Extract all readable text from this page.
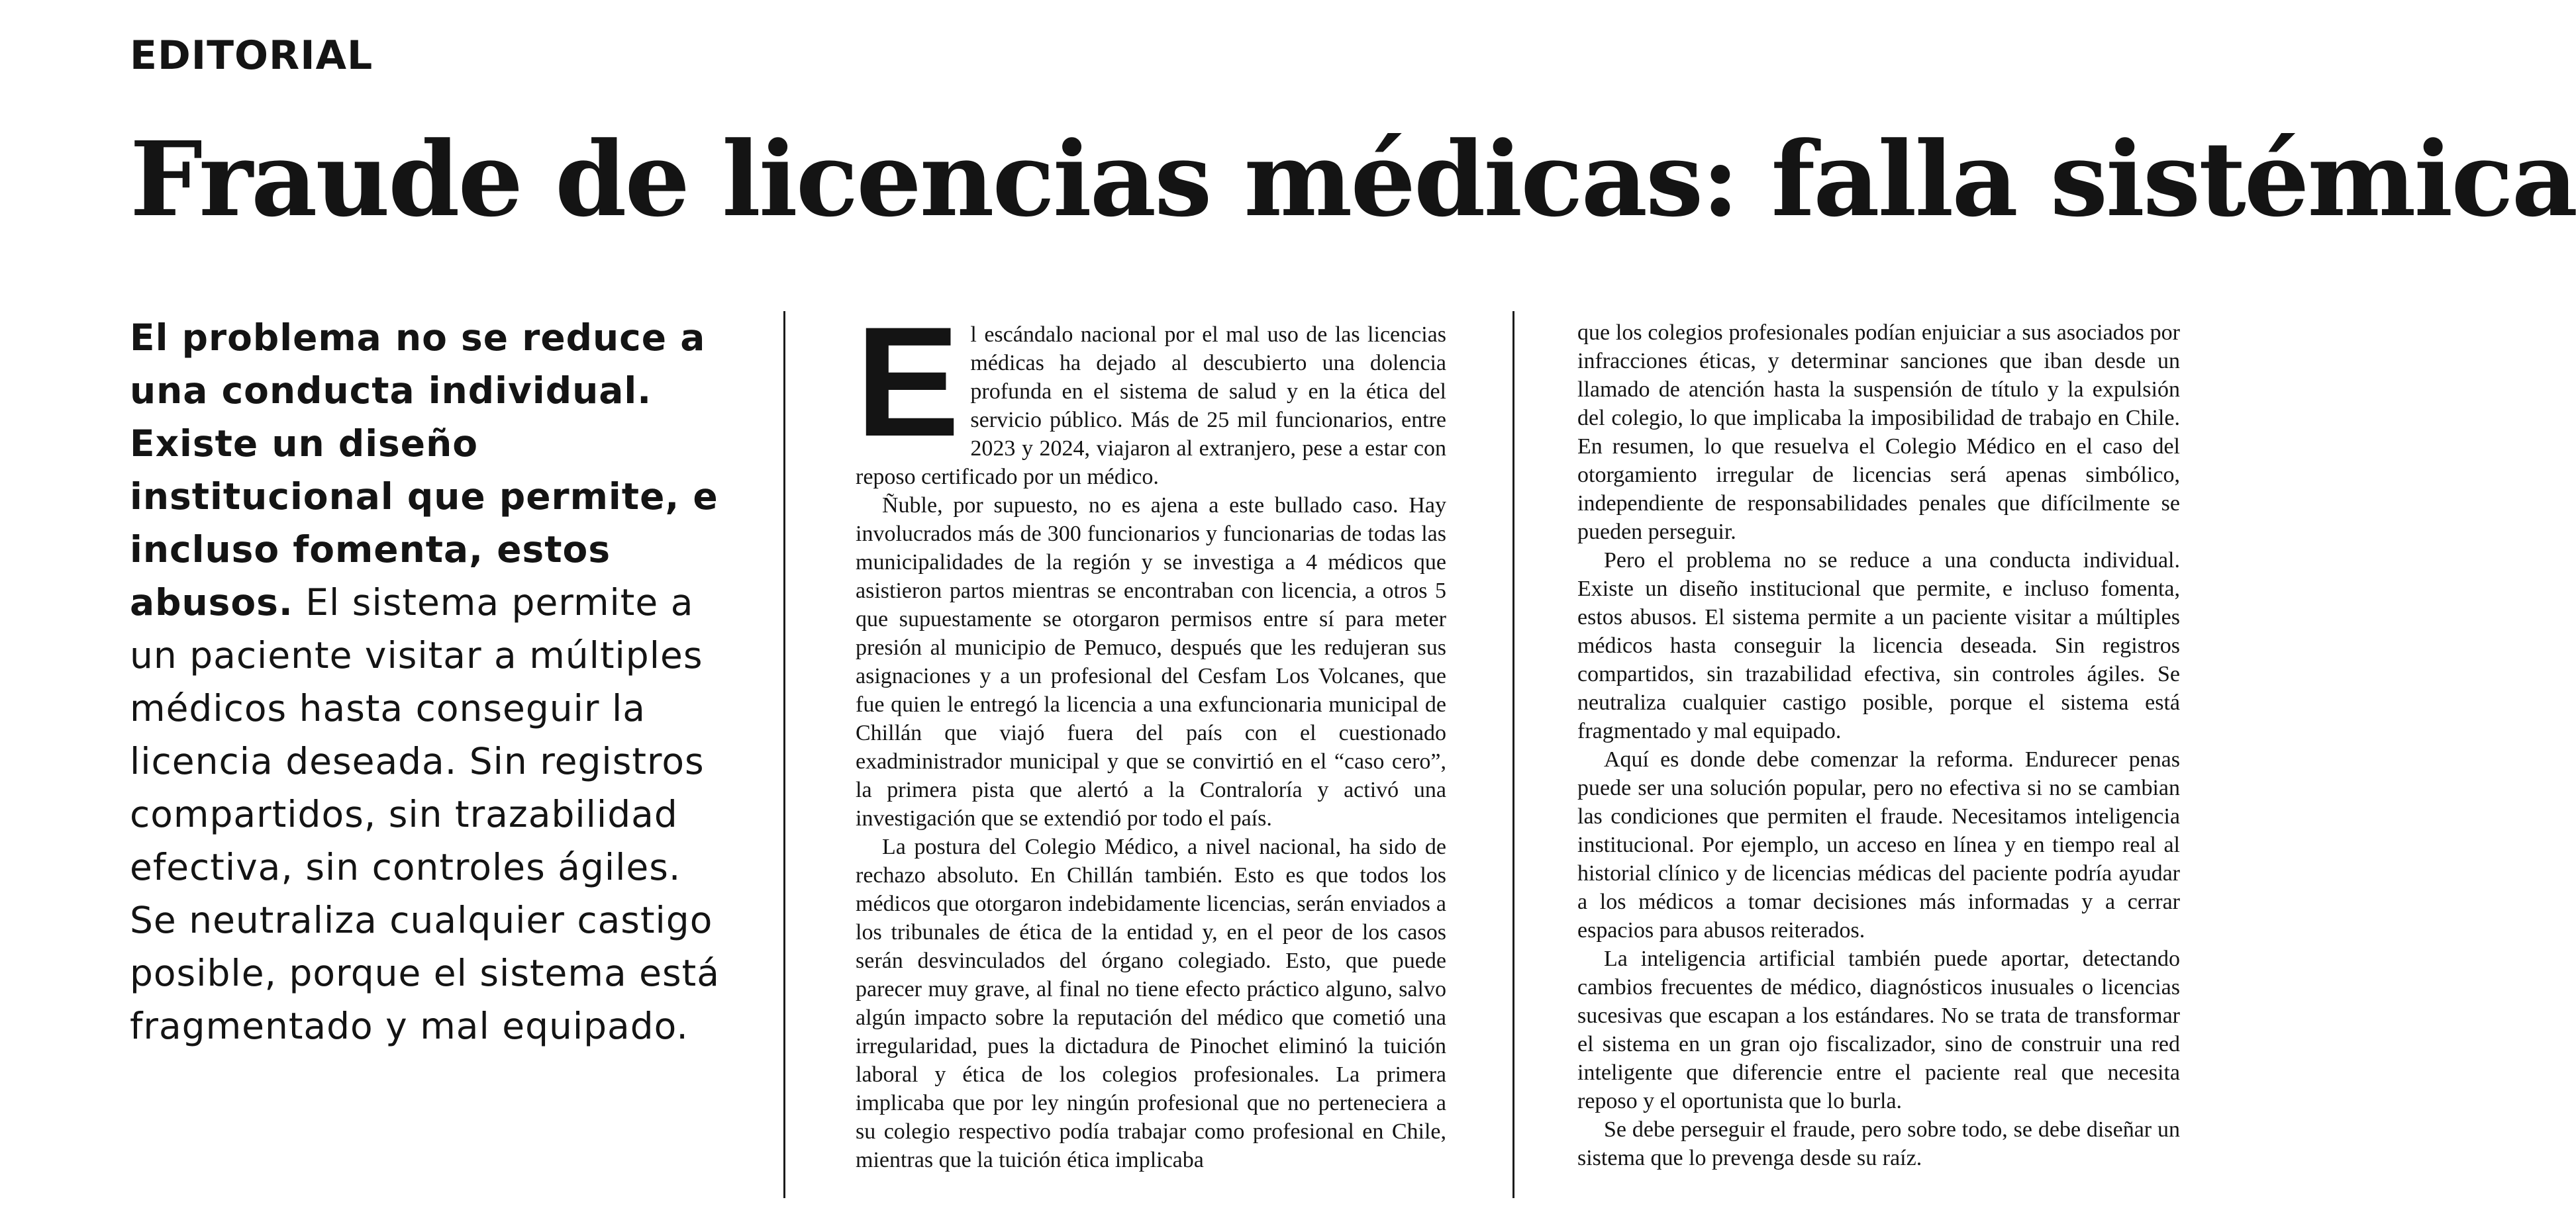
EDITORIAL
Fraude de licencias médicas: falla sistémica
El problema no se reduce a una conducta individual. Existe un diseño institucional que permite, e incluso fomenta, estos abusos. El sistema permite a un paciente visitar a múltiples médicos hasta conseguir la licencia deseada. Sin registros compartidos, sin trazabilidad efectiva, sin controles ágiles. Se neutraliza cualquier castigo posible, porque el sistema está fragmentado y mal equipado.

El escándalo nacional por el mal uso de las licencias médicas ha dejado al descubierto una dolencia profunda en el sistema de salud y en la ética del servicio público. Más de 25 mil funcionarios, entre 2023 y 2024, viajaron al extranjero, pese a estar con reposo certificado por un médico.

Ñuble, por supuesto, no es ajena a este bullado caso. Hay involucrados más de 300 funcionarios y funcionarias de todas las municipalidades de la región y se investiga a 4 médicos que asistieron partos mientras se encontraban con licencia, a otros 5 que supuestamente se otorgaron permisos entre sí para meter presión al municipio de Pemuco, después que les redujeran sus asignaciones y a un profesional del Cesfam Los Volcanes, que fue quien le entregó la licencia a una exfuncionaria municipal de Chillán que viajó fuera del país con el cuestionado exadministrador municipal y que se convirtió en el “caso cero”, la primera pista que alertó a la Contraloría y activó una investigación que se extendió por todo el país.

La postura del Colegio Médico, a nivel nacional, ha sido de rechazo absoluto. En Chillán también. Esto es que todos los médicos que otorgaron indebidamente licencias, serán enviados a los tribunales de ética de la entidad y, en el peor de los casos serán desvinculados del órgano colegiado. Esto, que puede parecer muy grave, al final no tiene efecto práctico alguno, salvo algún impacto sobre la reputación del médico que cometió una irregularidad, pues la dictadura de Pinochet eliminó la tuición laboral y ética de los colegios profesionales. La primera implicaba que por ley ningún profesional que no perteneciera a su colegio respectivo podía trabajar como profesional en Chile, mientras que la tuición ética implicaba

que los colegios profesionales podían enjuiciar a sus asociados por infracciones éticas, y determinar sanciones que iban desde un llamado de atención hasta la suspensión de título y la expulsión del colegio, lo que implicaba la imposibilidad de trabajo en Chile. En resumen, lo que resuelva el Colegio Médico en el caso del otorgamiento irregular de licencias será apenas simbólico, independiente de responsabilidades penales que difícilmente se pueden perseguir.

Pero el problema no se reduce a una conducta individual. Existe un diseño institucional que permite, e incluso fomenta, estos abusos. El sistema permite a un paciente visitar a múltiples médicos hasta conseguir la licencia deseada. Sin registros compartidos, sin trazabilidad efectiva, sin controles ágiles. Se neutraliza cualquier castigo posible, porque el sistema está fragmentado y mal equipado.

Aquí es donde debe comenzar la reforma. Endurecer penas puede ser una solución popular, pero no efectiva si no se cambian las condiciones que permiten el fraude. Necesitamos inteligencia institucional. Por ejemplo, un acceso en línea y en tiempo real al historial clínico y de licencias médicas del paciente podría ayudar a los médicos a tomar decisiones más informadas y a cerrar espacios para abusos reiterados.

La inteligencia artificial también puede aportar, detectando cambios frecuentes de médico, diagnósticos inusuales o licencias sucesivas que escapan a los estándares. No se trata de transformar el sistema en un gran ojo fiscalizador, sino de construir una red inteligente que diferencie entre el paciente real que necesita reposo y el oportunista que lo burla.

Se debe perseguir el fraude, pero sobre todo, se debe diseñar un sistema que lo prevenga desde su raíz.
